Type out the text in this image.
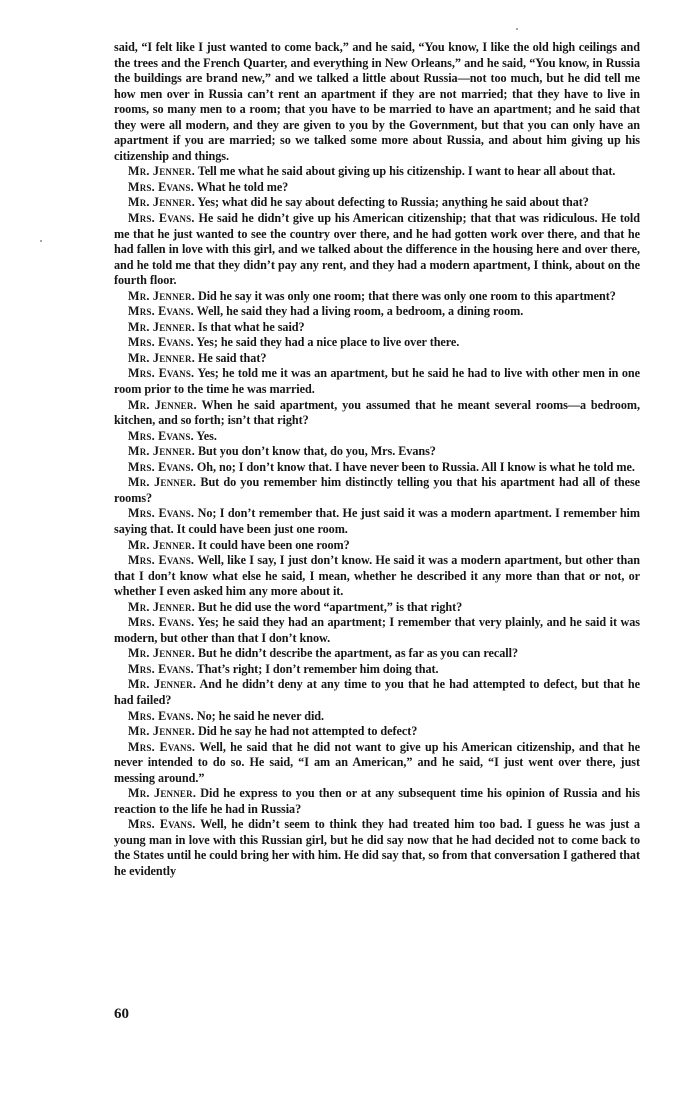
said, “I felt like I just wanted to come back,” and he said, “You know, I like the old high ceilings and the trees and the French Quarter, and everything in New Orleans,” and he said, “You know, in Russia the buildings are brand new,” and we talked a little about Russia—not too much, but he did tell me how men over in Russia can’t rent an apartment if they are not married; that they have to live in rooms, so many men to a room; that you have to be married to have an apartment; and he said that they were all modern, and they are given to you by the Government, but that you can only have an apartment if you are married; so we talked some more about Russia, and about him giving up his citizenship and things.

Mr. Jenner. Tell me what he said about giving up his citizenship. I want to hear all about that.

Mrs. Evans. What he told me?

Mr. Jenner. Yes; what did he say about defecting to Russia; anything he said about that?

Mrs. Evans. He said he didn’t give up his American citizenship; that that was ridiculous. He told me that he just wanted to see the country over there, and he had gotten work over there, and that he had fallen in love with this girl, and we talked about the difference in the housing here and over there, and he told me that they didn’t pay any rent, and they had a modern apartment, I think, about on the fourth floor.

Mr. Jenner. Did he say it was only one room; that there was only one room to this apartment?

Mrs. Evans. Well, he said they had a living room, a bedroom, a dining room.

Mr. Jenner. Is that what he said?

Mrs. Evans. Yes; he said they had a nice place to live over there.

Mr. Jenner. He said that?

Mrs. Evans. Yes; he told me it was an apartment, but he said he had to live with other men in one room prior to the time he was married.

Mr. Jenner. When he said apartment, you assumed that he meant several rooms—a bedroom, kitchen, and so forth; isn’t that right?

Mrs. Evans. Yes.

Mr. Jenner. But you don’t know that, do you, Mrs. Evans?

Mrs. Evans. Oh, no; I don’t know that. I have never been to Russia. All I know is what he told me.

Mr. Jenner. But do you remember him distinctly telling you that his apartment had all of these rooms?

Mrs. Evans. No; I don’t remember that. He just said it was a modern apartment. I remember him saying that. It could have been just one room.

Mr. Jenner. It could have been one room?

Mrs. Evans. Well, like I say, I just don’t know. He said it was a modern apartment, but other than that I don’t know what else he said, I mean, whether he described it any more than that or not, or whether I even asked him any more about it.

Mr. Jenner. But he did use the word “apartment,” is that right?

Mrs. Evans. Yes; he said they had an apartment; I remember that very plainly, and he said it was modern, but other than that I don’t know.

Mr. Jenner. But he didn’t describe the apartment, as far as you can recall?

Mrs. Evans. That’s right; I don’t remember him doing that.

Mr. Jenner. And he didn’t deny at any time to you that he had attempted to defect, but that he had failed?

Mrs. Evans. No; he said he never did.

Mr. Jenner. Did he say he had not attempted to defect?

Mrs. Evans. Well, he said that he did not want to give up his American citizenship, and that he never intended to do so. He said, “I am an American,” and he said, “I just went over there, just messing around.”

Mr. Jenner. Did he express to you then or at any subsequent time his opinion of Russia and his reaction to the life he had in Russia?

Mrs. Evans. Well, he didn’t seem to think they had treated him too bad. I guess he was just a young man in love with this Russian girl, but he did say now that he had decided not to come back to the States until he could bring her with him. He did say that, so from that conversation I gathered that he evidently

60
